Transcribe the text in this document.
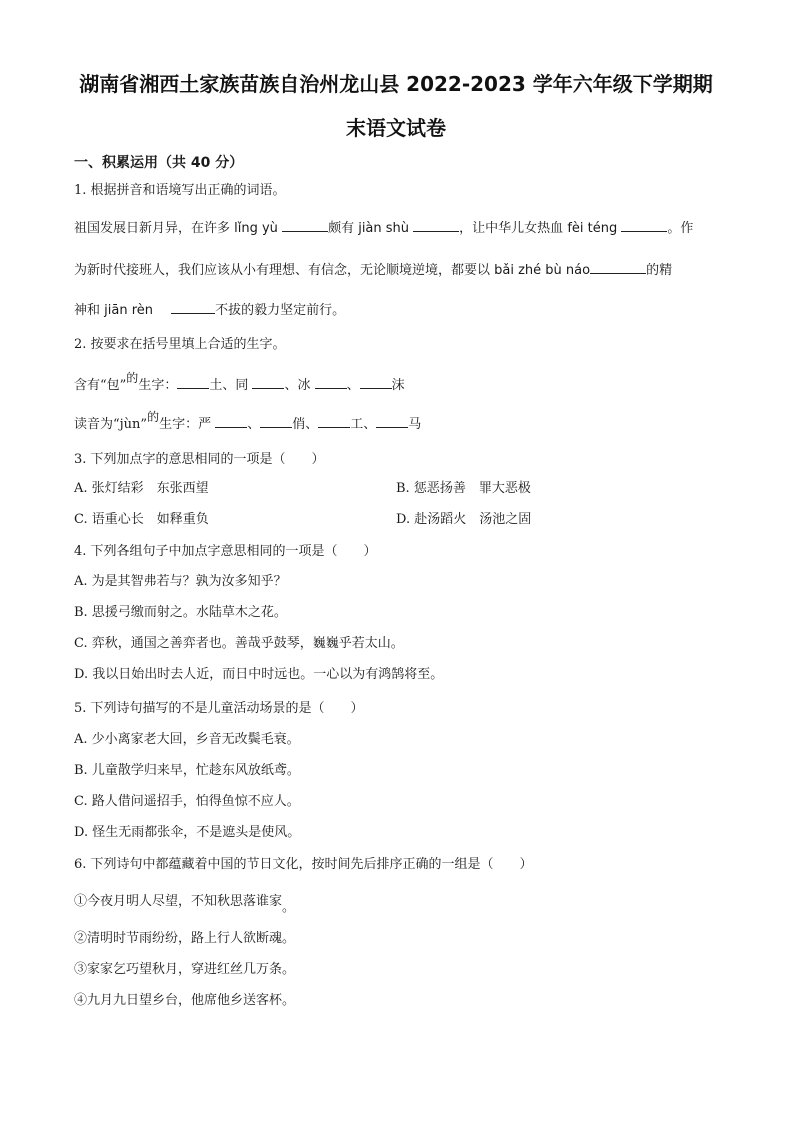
湖南省湘西土家族苗族自治州龙山县 2022-2023 学年六年级下学期期
末语文试卷
一、积累运用（共 40 分）
1. 根据拼音和语境写出正确的词语。
祖国发展日新月异，在许多 lǐng yù	颇有 jiàn shù	，让中华儿女热血 fèi téng	。作
为新时代接班人，我们应该从小有理想、有信念，无论顺境逆境，都要以 bǎi zhé bù náo	的精
神和 jiān rèn	不拔的毅力坚定前行。
2. 按要求在括号里填上合适的生字。
含有“包”的生字： 土、同 、冰 、 沫
读音为“jùn”的生字：严 、 俏、 工、 马
3. 下列加点字的意思相同的一项是（　　）
A. 张灯结彩　东张西望	B. 惩恶扬善　罪大恶极
C. 语重心长　如释重负	D. 赴汤蹈火　汤池之固
4. 下列各组句子中加点字意思相同的一项是（　　）
A. 为是其智弗若与？孰为汝多知乎？
B. 思援弓缴而射之。水陆草木之花。
C. 弈秋，通国之善弈者也。善哉乎鼓琴，巍巍乎若太山。
D. 我以日始出时去人近，而日中时远也。一心以为有鸿鹄将至。
5. 下列诗句描写的不是儿童活动场景的是（　　）
A. 少小离家老大回，乡音无改鬓毛衰。
B. 儿童散学归来早，忙趁东风放纸鸢。
C. 路人借问遥招手，怕得鱼惊不应人。
D. 怪生无雨都张伞，不是遮头是使风。
6. 下列诗句中都蕴藏着中国的节日文化，按时间先后排序正确的一组是（　　）
①今夜月明人尽望，不知秋思落谁家。
②清明时节雨纷纷，路上行人欲断魂。
③家家乞巧望秋月，穿进红丝几万条。
④九月九日望乡台，他席他乡送客杯。
